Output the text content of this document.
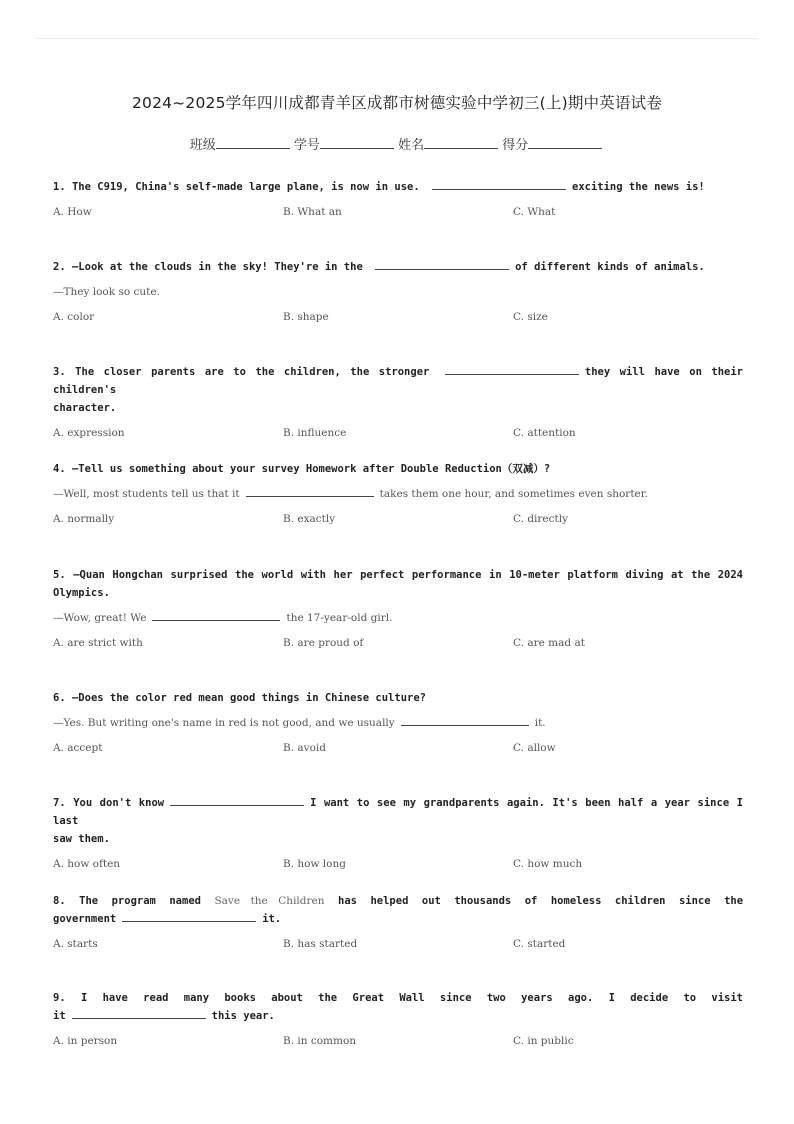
2024~2025学年四川成都青羊区成都市树德实验中学初三(上)期中英语试卷
班级	学号	姓名	得分
1. The C919, China's self-made large plane, is now in use.	exciting the news is!
A. How	B. What an	C. What
2. —Look at the clouds in the sky! They're in the	of different kinds of animals.
—They look so cute.
A. color	B. shape	C. size
3. The closer parents are to the children, the stronger	they will have on their children's
character.
A. expression	B. influence	C. attention
4. —Tell us something about your survey Homework after Double Reduction（双减）?
—Well, most students tell us that it	takes them one hour, and sometimes even shorter.
A. normally	B. exactly	C. directly
5. —Quan Hongchan surprised the world with her perfect performance in 10-meter platform diving at the 2024
Olympics.
—Wow, great! We	the 17-year-old girl.
A. are strict with	B. are proud of	C. are mad at
6. —Does the color red mean good things in Chinese culture?
—Yes. But writing one's name in red is not good, and we usually	it.
A. accept	B. avoid	C. allow
7. You don't know	I want to see my grandparents again. It's been half a year since I last
saw them.
A. how often	B. how long	C. how much
8. The program named Save the Children has helped out thousands of homeless children since the
government	it.
A. starts	B. has started	C. started
9. I have read many books about the Great Wall since two years ago. I decide to visit
it	this year.
A. in person	B. in common	C. in public
